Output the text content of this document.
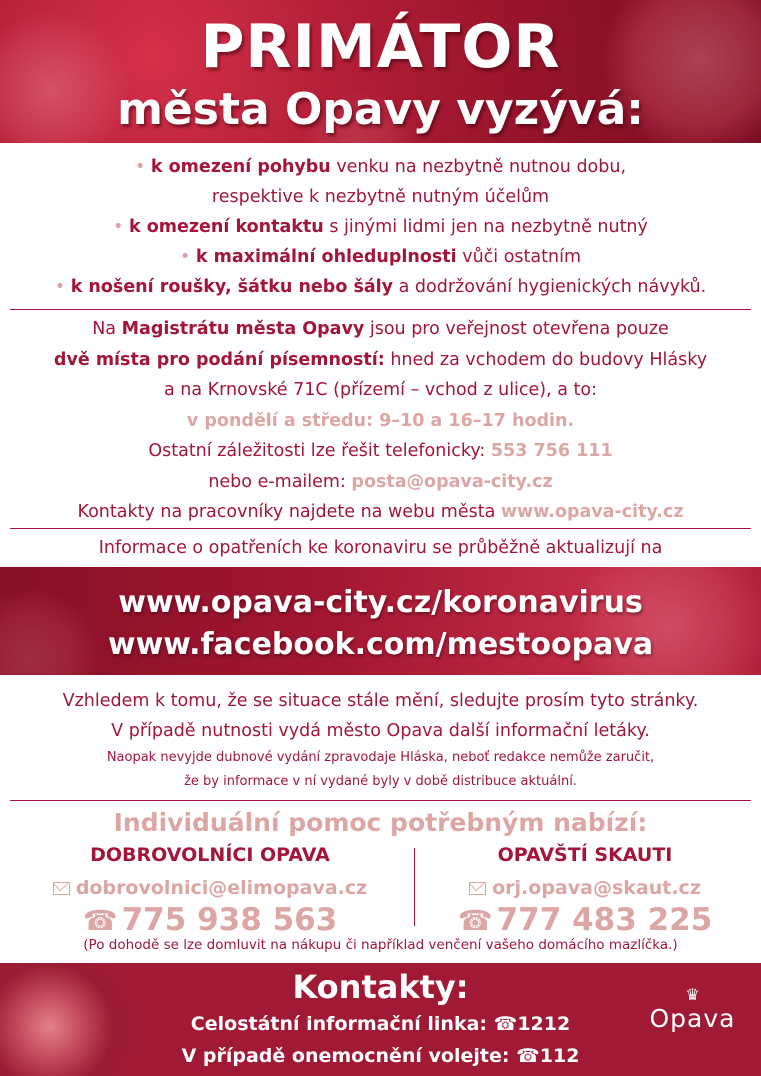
PRIMÁTOR
města Opavy vyzývá:
• k omezení pohybu venku na nezbytně nutnou dobu,
respektive k nezbytně nutným účelům
• k omezení kontaktu s jinými lidmi jen na nezbytně nutný
• k maximální ohleduplnosti vůči ostatním
• k nošení roušky, šátku nebo šály a dodržování hygienických návyků.
Na Magistrátu města Opavy jsou pro veřejnost otevřena pouze
dvě místa pro podání písemností: hned za vchodem do budovy Hlásky
a na Krnovské 71C (přízemí – vchod z ulice), a to:
v pondělí a středu: 9–10 a 16–17 hodin.
Ostatní záležitosti lze řešit telefonicky: 553 756 111
nebo e-mailem: posta@opava-city.cz
Kontakty na pracovníky najdete na webu města www.opava-city.cz
Informace o opatřeních ke koronaviru se průběžně aktualizují na
www.opava-city.cz/koronavirus
www.facebook.com/mestoopava
Vzhledem k tomu, že se situace stále mění, sledujte prosím tyto stránky.
V případě nutnosti vydá město Opava další informační letáky.
Naopak nevyjde dubnové vydání zpravodaje Hláska, neboť redakce nemůže zaručit,
že by informace v ní vydané byly v době distribuce aktuální.
Individuální pomoc potřebným nabízí:
DOBROVOLNÍCI OPAVA
dobrovolnici@elimopava.cz
☎ 775 938 563
OPAVŠTÍ SKAUTI
orj.opava@skaut.cz
☎ 777 483 225
(Po dohodě se lze domluvit na nákupu či například venčení vašeho domácího mazlíčka.)
Kontakty:
Celostátní informační linka: ☎1212
V případě onemocnění volejte: ☎112
♛
Opava
